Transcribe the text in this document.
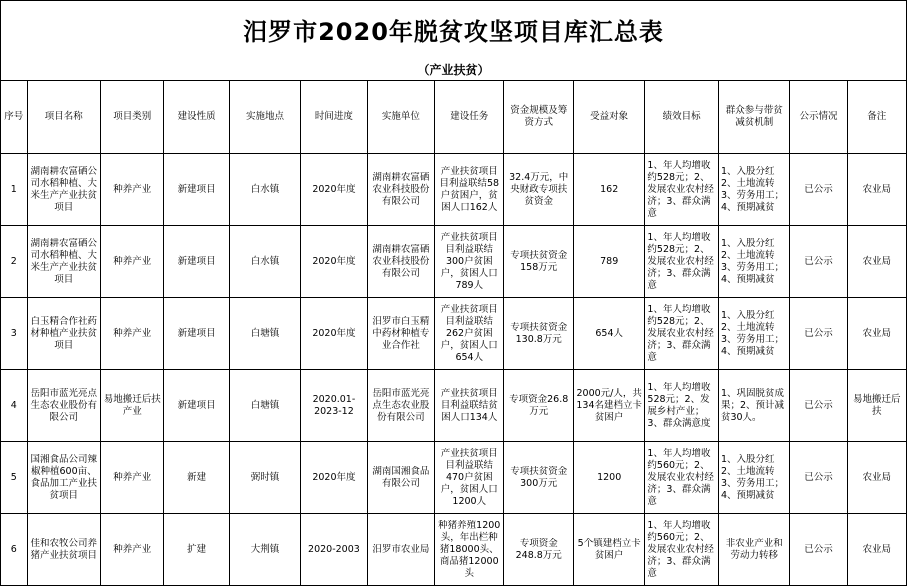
汨罗市2020年脱贫攻坚项目库汇总表
（产业扶贫）
序号	项目名称	项目类别	建设性质	实施地点	时间进度	实施单位	建设任务	资金规模及筹资方式	受益对象	绩效目标	群众参与带贫减贫机制	公示情况	备注
1	湖南耕农富硒公司水稻种植、大米生产产业扶贫项目	种养产业	新建项目	白水镇	2020年度	湖南耕农富硒农业科技股份有限公司	产业扶贫项目目利益联结58户贫困户，贫困人口162人	32.4万元，中央财政专项扶贫资金	162	1、年人均增收约528元；2、发展农业农村经济；3、群众满意	1、入股分红2、土地流转3、劳务用工；4、预期减贫	已公示	农业局
2	湖南耕农富硒公司水稻种植、大米生产产业扶贫项目	种养产业	新建项目	白水镇	2020年度	湖南耕农富硒农业科技股份有限公司	产业扶贫项目目利益联结300户贫困户，贫困人口789人	专项扶贫资金158万元	789	1、年人均增收约528元；2、发展农业农村经济；3、群众满意	1、入股分红2、土地流转3、劳务用工；4、预期减贫	已公示	农业局
3	白玉精合作社药材种植产业扶贫项目	种养产业	新建项目	白塘镇	2020年度	汨罗市白玉精中药材种植专业合作社	产业扶贫项目目利益联结262户贫困户，贫困人口654人	专项扶贫资金130.8万元	654人	1、年人均增收约528元；2、发展农业农村经济；3、群众满意	1、入股分红2、土地流转3、劳务用工；4、预期减贫	已公示	农业局
4	岳阳市蓝光亮点生态农业股份有限公司	易地搬迁后扶产业	新建项目	白塘镇	2020.01-2023-12	岳阳市蓝光亮点生态农业股份有限公司	产业扶贫项目目利益联结贫困人口134人	专项资金26.8万元	2000元/人，共134名建档立卡贫困户	1、年人均增收528元；2、发展乡村产业；3、群众满意度	1、巩固脱贫成果；2、预计减贫30人。	已公示	易地搬迁后扶
5	国湘食品公司辣椒种植600亩、食品加工产业扶贫项目	种养产业	新建	弼时镇	2020年度	湖南国湘食品有限公司	产业扶贫项目目利益联结470户贫困户，贫困人口1200人	专项扶贫资金300万元	1200	1、年人均增收约560元；2、发展农业农村经济；3、群众满意	1、入股分红2、土地流转3、劳务用工；4、预期减贫	已公示	农业局
6	佳和农牧公司养猪产业扶贫项目	种养产业	扩建	大荆镇	2020-2003	汨罗市农业局	种猪养殖1200头，年出栏种猪18000头、商品猪12000头	专项资金248.8万元	5个镇建档立卡贫困户	1、年人均增收约560元；2、发展农业农村经济；3、群众满意	非农业产业和劳动力转移	已公示	农业局
